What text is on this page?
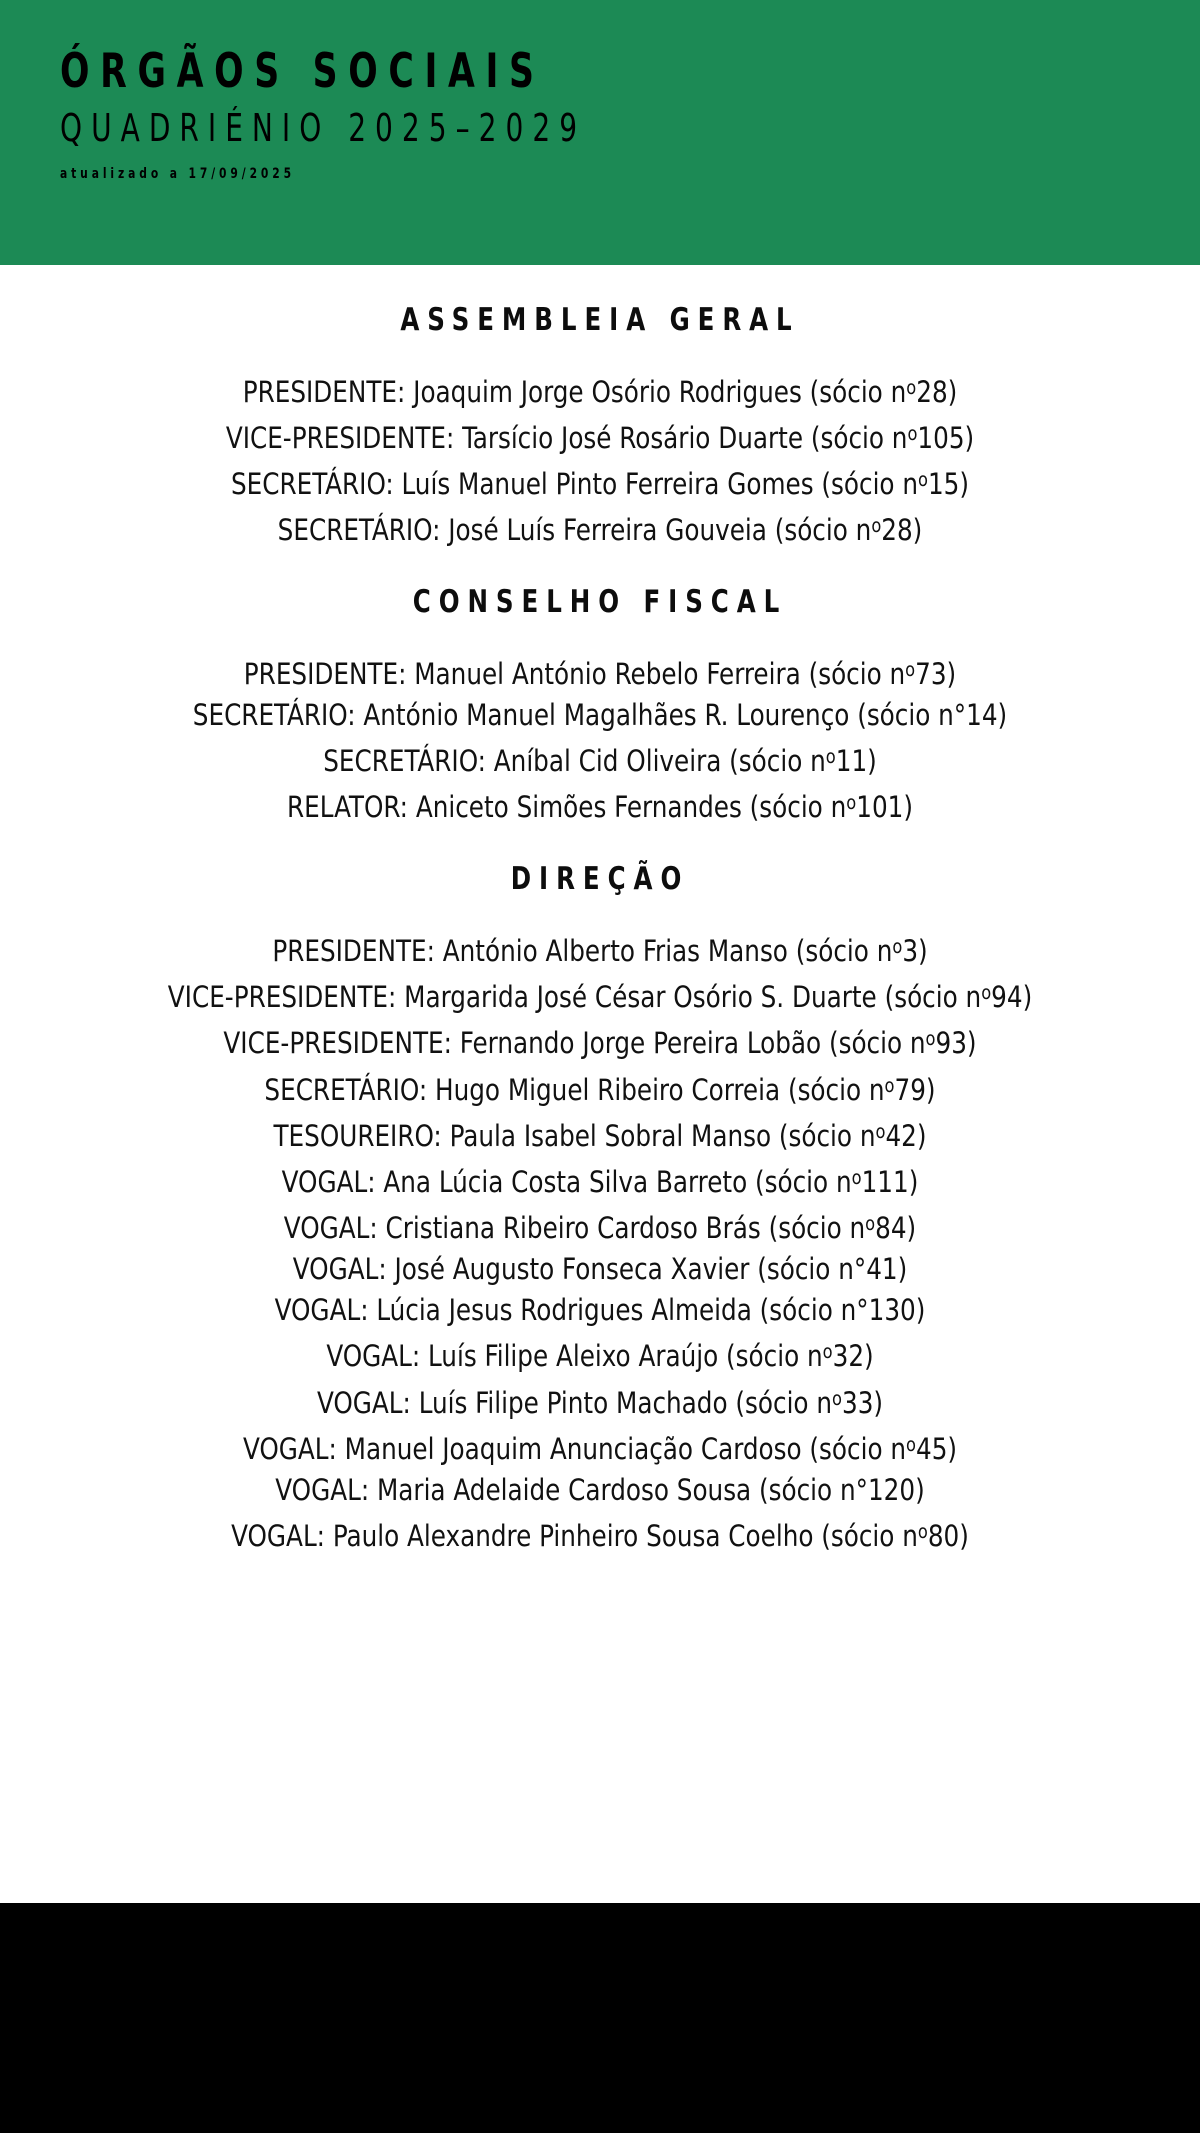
ÓRGÃOS SOCIAIS
QUADRIÉNIO 2025–2029
atualizado a 17/09/2025
ASSEMBLEIA GERAL
PRESIDENTE: Joaquim Jorge Osório Rodrigues (sócio $n^o28$)
VICE-PRESIDENTE: Tarsício José Rosário Duarte (sócio $n^o105$)
SECRETÁRIO: Luís Manuel Pinto Ferreira Gomes (sócio $n^o15$)
SECRETÁRIO: José Luís Ferreira Gouveia (sócio $n^o28$)
CONSELHO FISCAL
PRESIDENTE: Manuel António Rebelo Ferreira (sócio $n^o73$)
SECRETÁRIO: António Manuel Magalhães R. Lourenço (sócio n°14)
SECRETÁRIO: Aníbal Cid Oliveira (sócio $n^o11$)
RELATOR: Aniceto Simões Fernandes (sócio $n^o101$)
DIREÇÃO
PRESIDENTE: António Alberto Frias Manso (sócio $n^o3$)
VICE-PRESIDENTE: Margarida José César Osório S. Duarte (sócio $n^o94$)
VICE-PRESIDENTE: Fernando Jorge Pereira Lobão (sócio $n^o93$)
SECRETÁRIO: Hugo Miguel Ribeiro Correia (sócio $n^o79$)
TESOUREIRO: Paula Isabel Sobral Manso (sócio $n^o42$)
VOGAL: Ana Lúcia Costa Silva Barreto (sócio $n^o111$)
VOGAL: Cristiana Ribeiro Cardoso Brás (sócio $n^o84$)
VOGAL: José Augusto Fonseca Xavier (sócio n°41)
VOGAL: Lúcia Jesus Rodrigues Almeida (sócio n°130)
VOGAL: Luís Filipe Aleixo Araújo (sócio $n^o32$)
VOGAL: Luís Filipe Pinto Machado (sócio $n^o33$)
VOGAL: Manuel Joaquim Anunciação Cardoso (sócio $n^o45$)
VOGAL: Maria Adelaide Cardoso Sousa (sócio n°120)
VOGAL: Paulo Alexandre Pinheiro Sousa Coelho (sócio $n^o80$)
